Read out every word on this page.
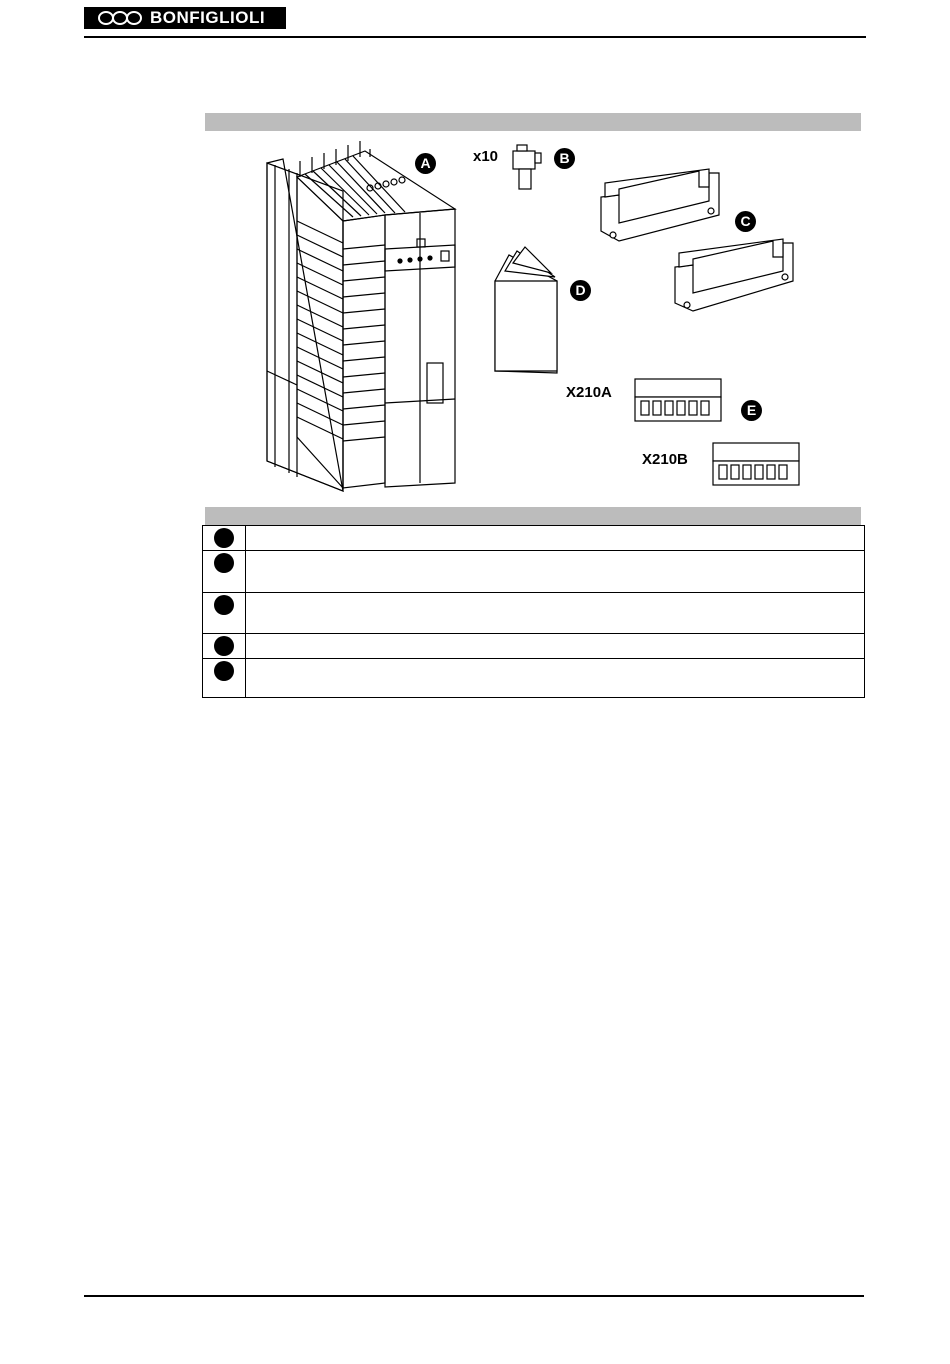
BONFIGLIOLI
x10
X210A
X210B
A	B
C
D
E
